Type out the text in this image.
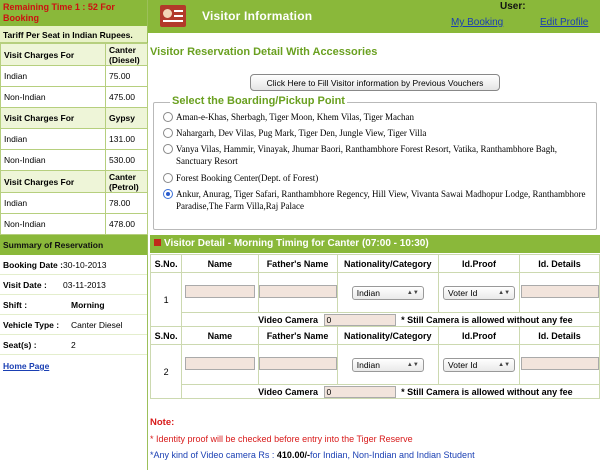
Remaining Time 1 : 52 For
Booking
Tariff Per Seat in Indian Rupees.
Visit Charges For	Canter (Diesel)
Indian	75.00
Non-Indian	475.00
Visit Charges For	Gypsy
Indian	131.00
Non-Indian	530.00
Visit Charges For	Canter (Petrol)
Indian	78.00
Non-Indian	478.00
Summary of Reservation
Booking Date : 30-10-2013
Visit Date :	03-11-2013
Shift :	Morning
Vehicle Type :	Canter Diesel
Seat(s) :	2
Home Page
Visitor Information
User:
My Booking	Edit Profile
Visitor Reservation Detail With Accessories
Click Here to Fill Visitor information by Previous Vouchers
Select the Boarding/Pickup Point
Aman-e-Khas, Sherbagh, Tiger Moon, Khem Vilas, Tiger Machan
Nahargarh, Dev Vilas, Pug Mark, Tiger Den, Jungle View, Tiger Villa
Vanya Vilas, Hammir, Vinayak, Jhumar Baori, Ranthambhore Forest Resort, Vatika, Ranthambhore Bagh, Sanctuary Resort
Forest Booking Center(Dept. of Forest)
Ankur, Anurag, Tiger Safari, Ranthambhore Regency, Hill View, Vivanta Sawai Madhopur Lodge, Ranthambhore Paradise,The Farm Villa,Raj Palace
Visitor Detail - Morning Timing for Canter (07:00 - 10:30)
S.No.	Name	Father's Name	Nationality/Category	Id.Proof	Id. Details
1			Indian ▲▼	Voter Id ▲▼	

	Video Camera 0 * Still Camera is allowed without any fee				
S.No.	Name	Father's Name	Nationality/Category	Id.Proof	Id. Details
2			Indian ▲▼	Voter Id ▲▼	

	Video Camera 0 * Still Camera is allowed without any fee				
Note:
* Identity proof will be checked before entry into the Tiger Reserve
*Any kind of Video camera Rs : 410.00/-for Indian, Non-Indian and Indian Student
